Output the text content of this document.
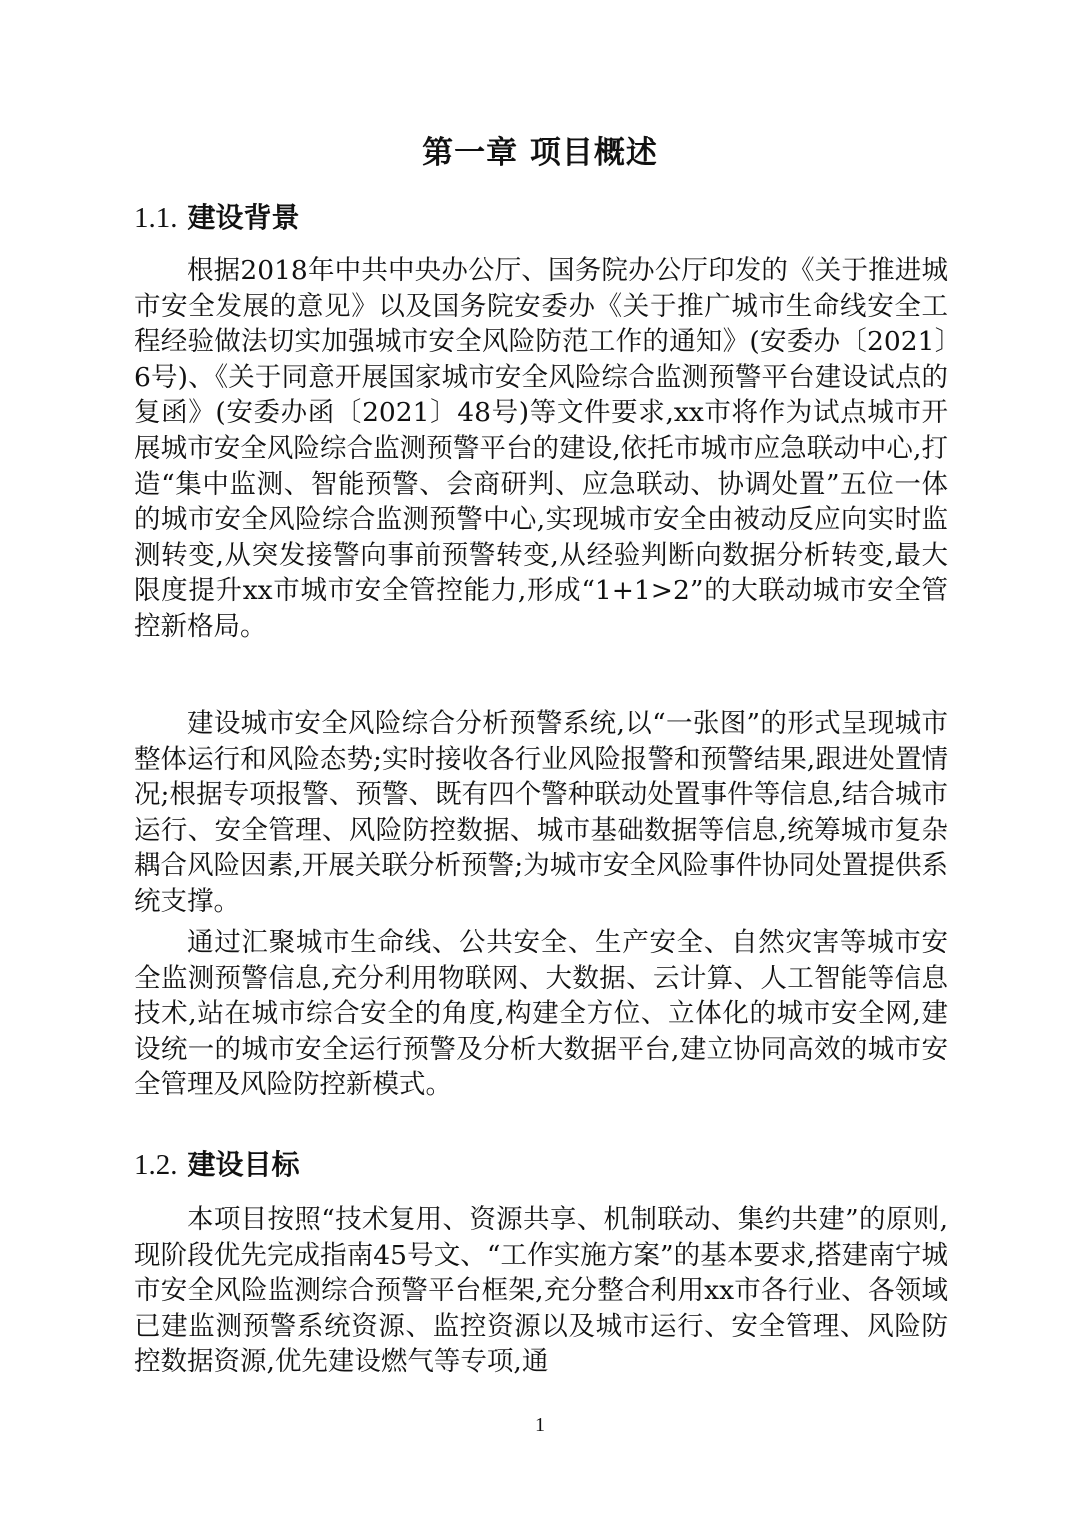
第一章 项目概述
1.1. 建设背景

根据2018年中共中央办公厅、国务院办公厅印发的《关于推进城市安全发展的意见》以及国务院安委办《关于推广城市生命线安全工程经验做法切实加强城市安全风险防范工作的通知》(安委办〔2021〕6号)、《关于同意开展国家城市安全风险综合监测预警平台建设试点的复函》(安委办函〔2021〕48号)等文件要求,xx市将作为试点城市开展城市安全风险综合监测预警平台的建设,依托市城市应急联动中心,打造“集中监测、智能预警、会商研判、应急联动、协调处置”五位一体的城市安全风险综合监测预警中心,实现城市安全由被动反应向实时监测转变,从突发接警向事前预警转变,从经验判断向数据分析转变,最大限度提升xx市城市安全管控能力,形成“1+1>2”的大联动城市安全管控新格局。

建设城市安全风险综合分析预警系统,以“一张图”的形式呈现城市整体运行和风险态势;实时接收各行业风险报警和预警结果,跟进处置情况;根据专项报警、预警、既有四个警种联动处置事件等信息,结合城市运行、安全管理、风险防控数据、城市基础数据等信息,统筹城市复杂耦合风险因素,开展关联分析预警;为城市安全风险事件协同处置提供系统支撑。

通过汇聚城市生命线、公共安全、生产安全、自然灾害等城市安全监测预警信息,充分利用物联网、大数据、云计算、人工智能等信息技术,站在城市综合安全的角度,构建全方位、立体化的城市安全网,建设统一的城市安全运行预警及分析大数据平台,建立协同高效的城市安全管理及风险防控新模式。

1.2. 建设目标

本项目按照“技术复用、资源共享、机制联动、集约共建”的原则,现阶段优先完成指南45号文、“工作实施方案”的基本要求,搭建南宁城市安全风险监测综合预警平台框架,充分整合利用xx市各行业、各领域已建监测预警系统资源、监控资源以及城市运行、安全管理、风险防控数据资源,优先建设燃气等专项,通

1
